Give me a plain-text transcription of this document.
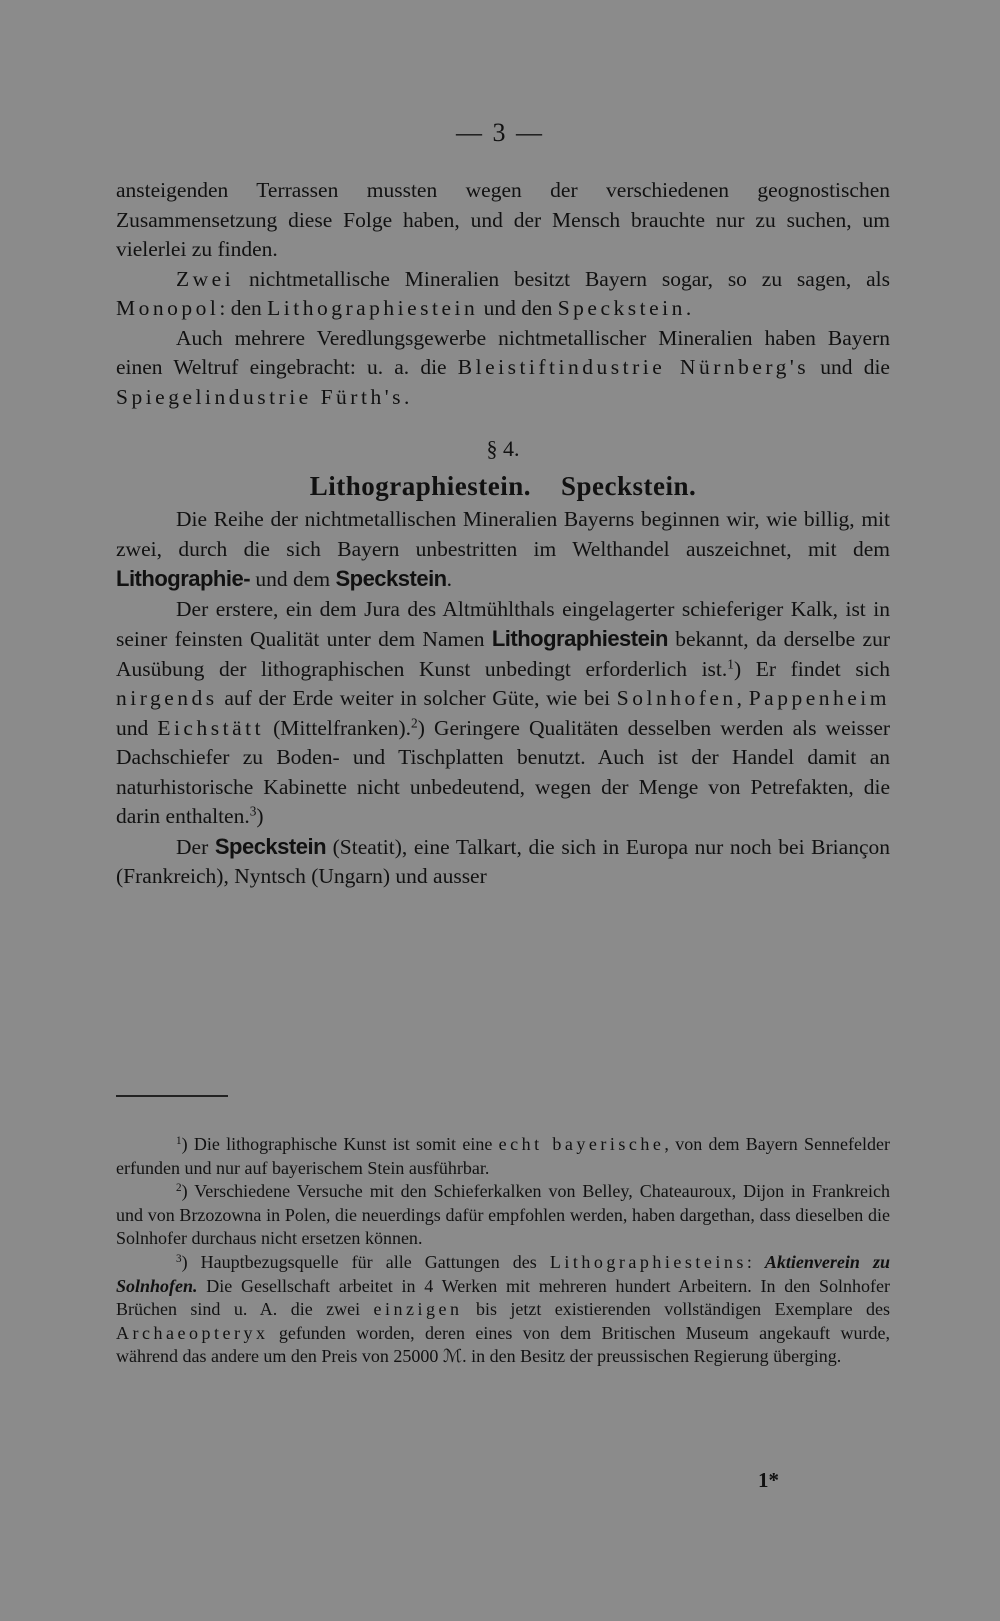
— 3 —

ansteigenden Terrassen mussten wegen der verschiedenen geognostischen Zusammensetzung diese Folge haben, und der Mensch brauchte nur zu suchen, um vielerlei zu finden.

Zwei nichtmetallische Mineralien besitzt Bayern sogar, so zu sagen, als Monopol: den Lithographiestein und den Speckstein.

Auch mehrere Veredlungsgewerbe nichtmetallischer Mineralien haben Bayern einen Weltruf eingebracht: u. a. die Bleistiftindustrie Nürnberg's und die Spiegelindustrie Fürth's.

§ 4.
Lithographiestein. Speckstein.

Die Reihe der nichtmetallischen Mineralien Bayerns beginnen wir, wie billig, mit zwei, durch die sich Bayern unbestritten im Welthandel auszeichnet, mit dem Lithographie- und dem Speckstein.

Der erstere, ein dem Jura des Altmühlthals eingelagerter schieferiger Kalk, ist in seiner feinsten Qualität unter dem Namen Lithographiestein bekannt, da derselbe zur Ausübung der lithographischen Kunst unbedingt erforderlich ist.$^1$) Er findet sich nirgends auf der Erde weiter in solcher Güte, wie bei Solnhofen, Pappenheim und Eichstätt (Mittelfranken).$^2$) Geringere Qualitäten desselben werden als weisser Dachschiefer zu Boden- und Tischplatten benutzt. Auch ist der Handel damit an naturhistorische Kabinette nicht unbedeutend, wegen der Menge von Petrefakten, die darin enthalten.$^3$)

Der Speckstein (Steatit), eine Talkart, die sich in Europa nur noch bei Briançon (Frankreich), Nyntsch (Ungarn) und ausser

$^1$) Die lithographische Kunst ist somit eine echt bayerische, von dem Bayern Sennefelder erfunden und nur auf bayerischem Stein ausführbar.

$^2$) Verschiedene Versuche mit den Schieferkalken von Belley, Chateauroux, Dijon in Frankreich und von Brzozowna in Polen, die neuerdings dafür empfohlen werden, haben dargethan, dass dieselben die Solnhofer durchaus nicht ersetzen können.

$^3$) Hauptbezugsquelle für alle Gattungen des Lithographiesteins: Aktienverein zu Solnhofen. Die Gesellschaft arbeitet in 4 Werken mit mehreren hundert Arbeitern. In den Solnhofer Brüchen sind u. A. die zwei einzigen bis jetzt existierenden vollständigen Exemplare des Archaeopteryx gefunden worden, deren eines von dem Britischen Museum angekauft wurde, während das andere um den Preis von 25000 ℳ. in den Besitz der preussischen Regierung überging.

1*
